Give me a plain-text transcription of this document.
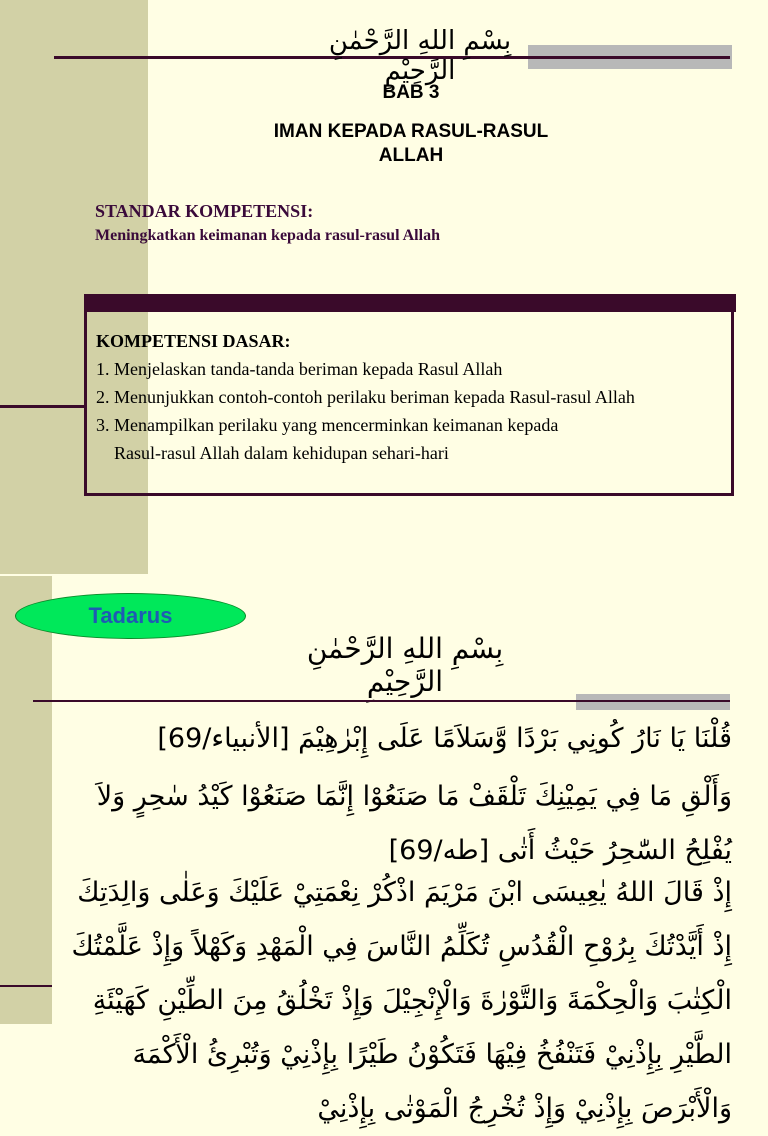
بِسْمِ اللهِ الرَّحْمٰنِ الرَّحِيْمِ
BAB 3
IMAN KEPADA RASUL-RASUL
ALLAH
STANDAR KOMPETENSI:
Meningkatkan keimanan kepada rasul-rasul Allah
KOMPETENSI DASAR:
1. Menjelaskan tanda-tanda beriman kepada Rasul Allah
2. Menunjukkan contoh-contoh perilaku beriman kepada Rasul-rasul Allah
3. Menampilkan perilaku yang mencerminkan keimanan kepada
Rasul-rasul Allah dalam kehidupan sehari-hari
Tadarus
بِسْمِ اللهِ الرَّحْمٰنِ الرَّحِيْمِ
قُلْنَا يَا نَارُ كُونِي بَرْدًا وَّسَلاَمًا عَلَى إِبْرٰهِيْمَ [الأنبياء/69]
وَأَلْقِ مَا فِي يَمِيْنِكَ تَلْقَفْ مَا صَنَعُوْا إِنَّمَا صَنَعُوْا كَيْدُ سٰحِرٍ وَلاَ يُفْلِحُ السّٰحِرُ حَيْثُ أَتٰى [طه/69]
إِذْ قَالَ اللهُ يٰعِيسَى ابْنَ مَرْيَمَ اذْكُرْ نِعْمَتِيْ عَلَيْكَ وَعَلٰى وَالِدَتِكَ إِذْ أَيَّدْتُكَ بِرُوْحِ الْقُدُسِ تُكَلِّمُ النَّاسَ فِي الْمَهْدِ وَكَهْلاً وَإِذْ عَلَّمْتُكَ الْكِتٰبَ وَالْحِكْمَةَ وَالتَّوْرٰةَ وَالْإِنْجِيْلَ وَإِذْ تَخْلُقُ مِنَ الطِّيْنِ كَهَيْئَةِ الطَّيْرِ بِإِذْنِيْ فَتَنْفُخُ فِيْهَا فَتَكُوْنُ طَيْرًا بِإِذْنِيْ وَتُبْرِئُ الْأَكْمَهَ وَالْأَبْرَصَ بِإِذْنِيْ وَإِذْ تُخْرِجُ الْمَوْتٰى بِإِذْنِيْ
